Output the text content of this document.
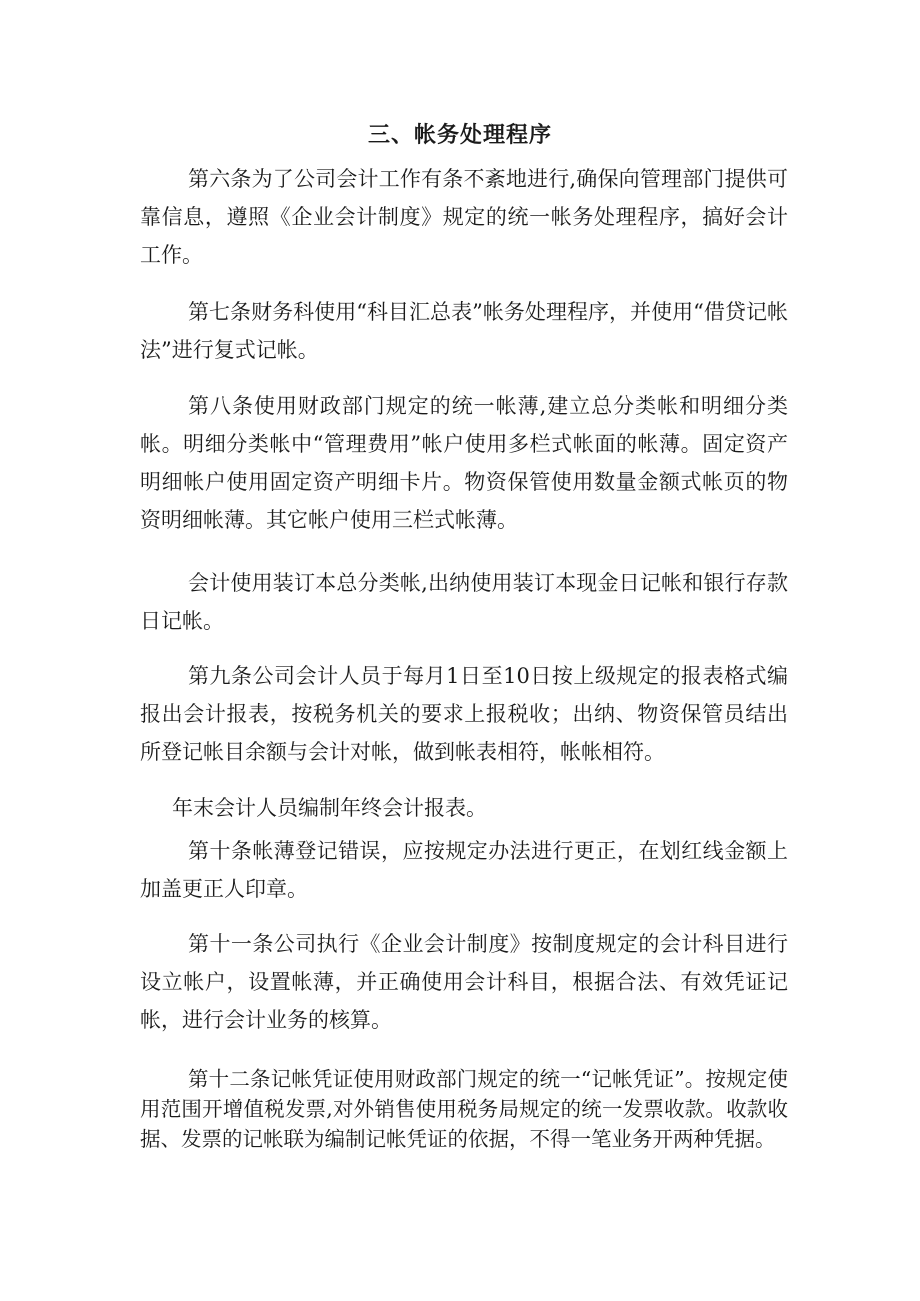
三、帐务处理程序

第六条为了公司会计工作有条不紊地进行,确保向管理部门提供可靠信息，遵照《企业会计制度》规定的统一帐务处理程序，搞好会计工作。

第七条财务科使用“科目汇总表”帐务处理程序，并使用“借贷记帐法”进行复式记帐。

第八条使用财政部门规定的统一帐薄,建立总分类帐和明细分类帐。明细分类帐中“管理费用”帐户使用多栏式帐面的帐薄。固定资产明细帐户使用固定资产明细卡片。物资保管使用数量金额式帐页的物资明细帐薄。其它帐户使用三栏式帐薄。

会计使用装订本总分类帐,出纳使用装订本现金日记帐和银行存款日记帐。

第九条公司会计人员于每月1日至10日按上级规定的报表格式编报出会计报表，按税务机关的要求上报税收；出纳、物资保管员结出所登记帐目余额与会计对帐，做到帐表相符，帐帐相符。

年末会计人员编制年终会计报表。

第十条帐薄登记错误，应按规定办法进行更正，在划红线金额上加盖更正人印章。

第十一条公司执行《企业会计制度》按制度规定的会计科目进行设立帐户，设置帐薄，并正确使用会计科目，根据合法、有效凭证记帐，进行会计业务的核算。

第十二条记帐凭证使用财政部门规定的统一“记帐凭证”。按规定使用范围开增值税发票,对外销售使用税务局规定的统一发票收款。收款收据、发票的记帐联为编制记帐凭证的依据，不得一笔业务开两种凭据。
